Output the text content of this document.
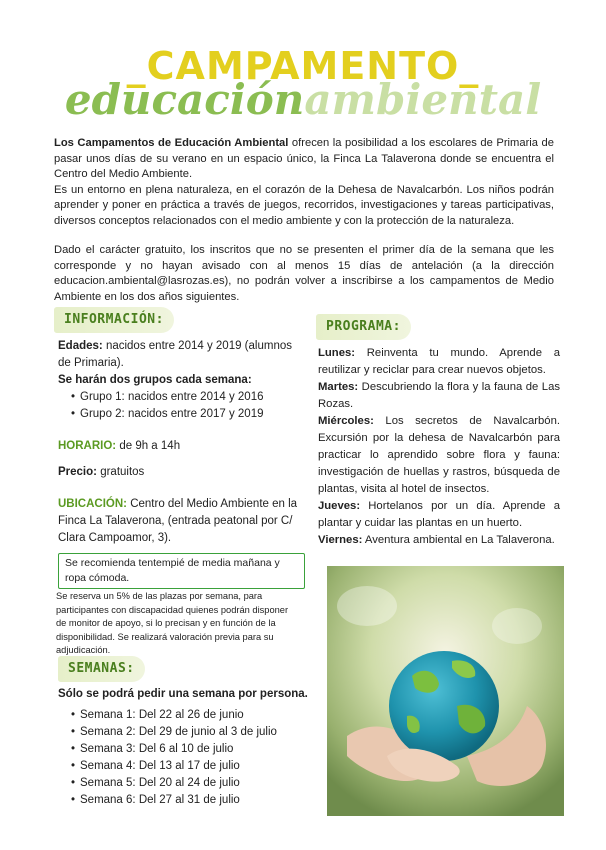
_CAMPAMENTO_
educaciónambiental

Los Campamentos de Educación Ambiental ofrecen la posibilidad a los escolares de Primaria de pasar unos días de su verano en un espacio único, la Finca La Talaverona donde se encuentra el Centro del Medio Ambiente.

Es un entorno en plena naturaleza, en el corazón de la Dehesa de Navalcarbón. Los niños podrán aprender y poner en práctica a través de juegos, recorridos, investigaciones y tareas participativas, diversos conceptos relacionados con el medio ambiente y con la protección de la naturaleza.

Dado el carácter gratuito, los inscritos que no se presenten el primer día de la semana que les corresponde y no hayan avisado con al menos 15 días de antelación (a la dirección educacion.ambiental@lasrozas.es), no podrán volver a inscribirse a los campamentos de Medio Ambiente en los dos años siguientes.

INFORMACIÓN:
Edades: nacidos entre 2014 y 2019 (alumnos de Primaria).
Se harán dos grupos cada semana:
• Grupo 1: nacidos entre 2014 y 2016
• Grupo 2: nacidos entre 2017 y 2019
HORARIO: de 9h a 14h
Precio: gratuitos
UBICACIÓN: Centro del Medio Ambiente en la Finca La Talaverona, (entrada peatonal por C/ Clara Campoamor, 3).
Se recomienda tentempié de media mañana y ropa cómoda.
Se reserva un 5% de las plazas por semana, para participantes con discapacidad quienes podrán disponer de monitor de apoyo, si lo precisan y en función de la disponibilidad. Se realizará valoración previa para su adjudicación.
SEMANAS:
Sólo se podrá pedir una semana por persona.
• Semana 1: Del 22 al 26 de junio
• Semana 2: Del 29 de junio al 3 de julio
• Semana 3: Del 6 al 10 de julio
• Semana 4: Del 13 al 17 de julio
• Semana 5: Del 20 al 24 de julio
• Semana 6: Del 27 al 31 de julio
PROGRAMA:
Lunes: Reinventa tu mundo. Aprende a reutilizar y reciclar para crear nuevos objetos.
Martes: Descubriendo la flora y la fauna de Las Rozas.
Miércoles: Los secretos de Navalcarbón. Excursión por la dehesa de Navalcarbón para practicar lo aprendido sobre flora y fauna: investigación de huellas y rastros, búsqueda de plantas, visita al hotel de insectos.
Jueves: Hortelanos por un día. Aprende a plantar y cuidar las plantas en un huerto.
Viernes: Aventura ambiental en La Talaverona.
